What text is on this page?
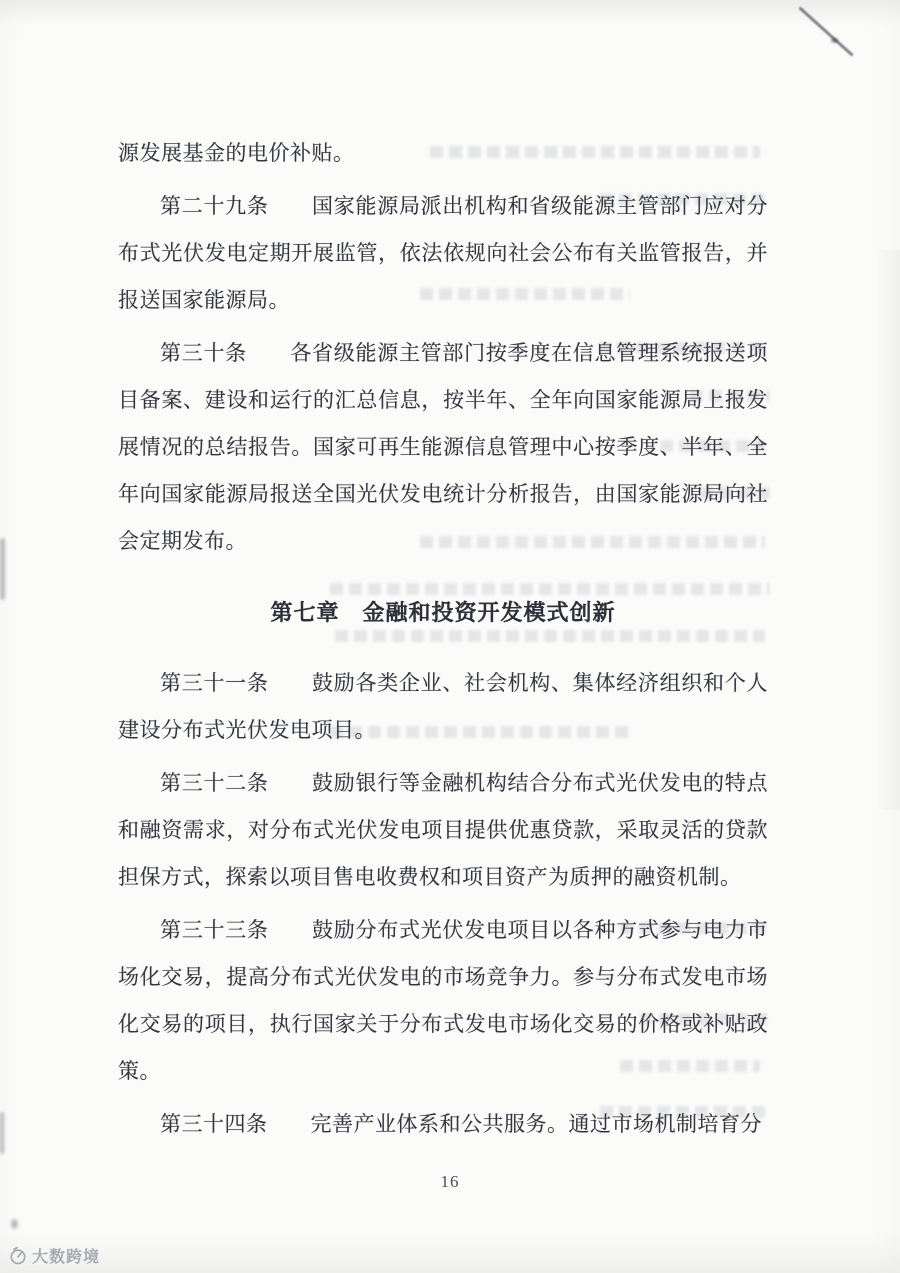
源发展基金的电价补贴。

第二十九条　　国家能源局派出机构和省级能源主管部门应对分布式光伏发电定期开展监管，依法依规向社会公布有关监管报告，并报送国家能源局。

第三十条　　各省级能源主管部门按季度在信息管理系统报送项目备案、建设和运行的汇总信息，按半年、全年向国家能源局上报发展情况的总结报告。国家可再生能源信息管理中心按季度、半年、全年向国家能源局报送全国光伏发电统计分析报告，由国家能源局向社会定期发布。

第七章　金融和投资开发模式创新

第三十一条　　鼓励各类企业、社会机构、集体经济组织和个人建设分布式光伏发电项目。

第三十二条　　鼓励银行等金融机构结合分布式光伏发电的特点和融资需求，对分布式光伏发电项目提供优惠贷款，采取灵活的贷款担保方式，探索以项目售电收费权和项目资产为质押的融资机制。

第三十三条　　鼓励分布式光伏发电项目以各种方式参与电力市场化交易，提高分布式光伏发电的市场竞争力。参与分布式发电市场化交易的项目，执行国家关于分布式发电市场化交易的价格或补贴政策。

第三十四条　　完善产业体系和公共服务。通过市场机制培育分

16
大数跨境
